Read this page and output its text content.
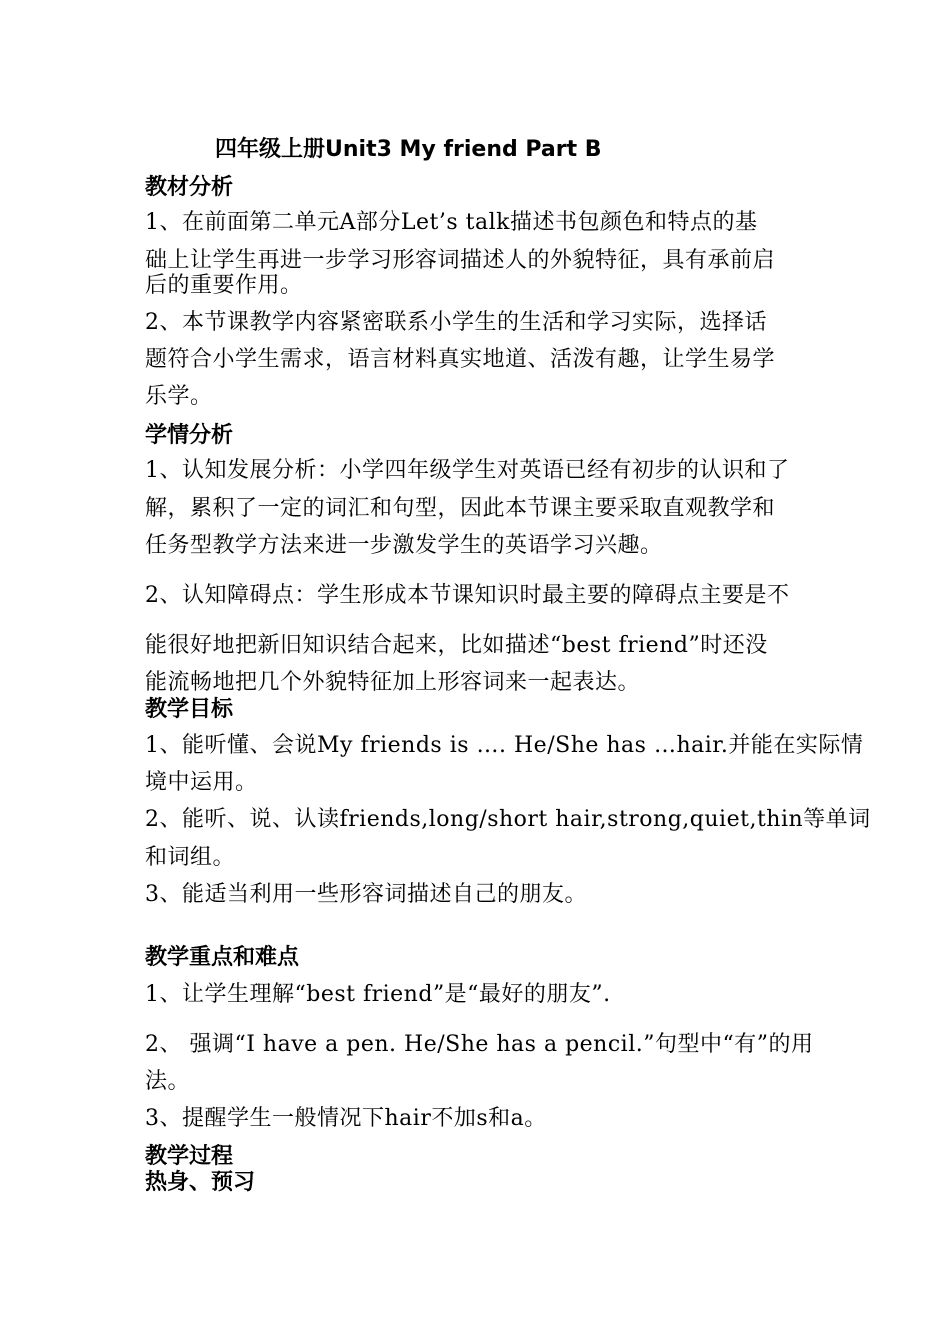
四年级上册Unit3 My friend Part B
教材分析
1、在前面第二单元A部分Let’s talk描述书包颜色和特点的基
础上让学生再进一步学习形容词描述人的外貌特征，具有承前启
后的重要作用。
2、本节课教学内容紧密联系小学生的生活和学习实际，选择话
题符合小学生需求，语言材料真实地道、活泼有趣，让学生易学
乐学。
学情分析
1、认知发展分析：小学四年级学生对英语已经有初步的认识和了
解，累积了一定的词汇和句型，因此本节课主要采取直观教学和
任务型教学方法来进一步激发学生的英语学习兴趣。
2、认知障碍点：学生形成本节课知识时最主要的障碍点主要是不
能很好地把新旧知识结合起来，比如描述“best friend”时还没
能流畅地把几个外貌特征加上形容词来一起表达。
教学目标
1、能听懂、会说My friends is …. He/She has …hair.并能在实际情
境中运用。
2、能听、说、认读friends,long/short hair,strong,quiet,thin等单词
和词组。
3、能适当利用一些形容词描述自己的朋友。
教学重点和难点
1、让学生理解“best friend”是“最好的朋友”.
2、 强调“I have a pen. He/She has a pencil.”句型中“有”的用
法。
3、提醒学生一般情况下hair不加s和a。
教学过程
热身、预习
